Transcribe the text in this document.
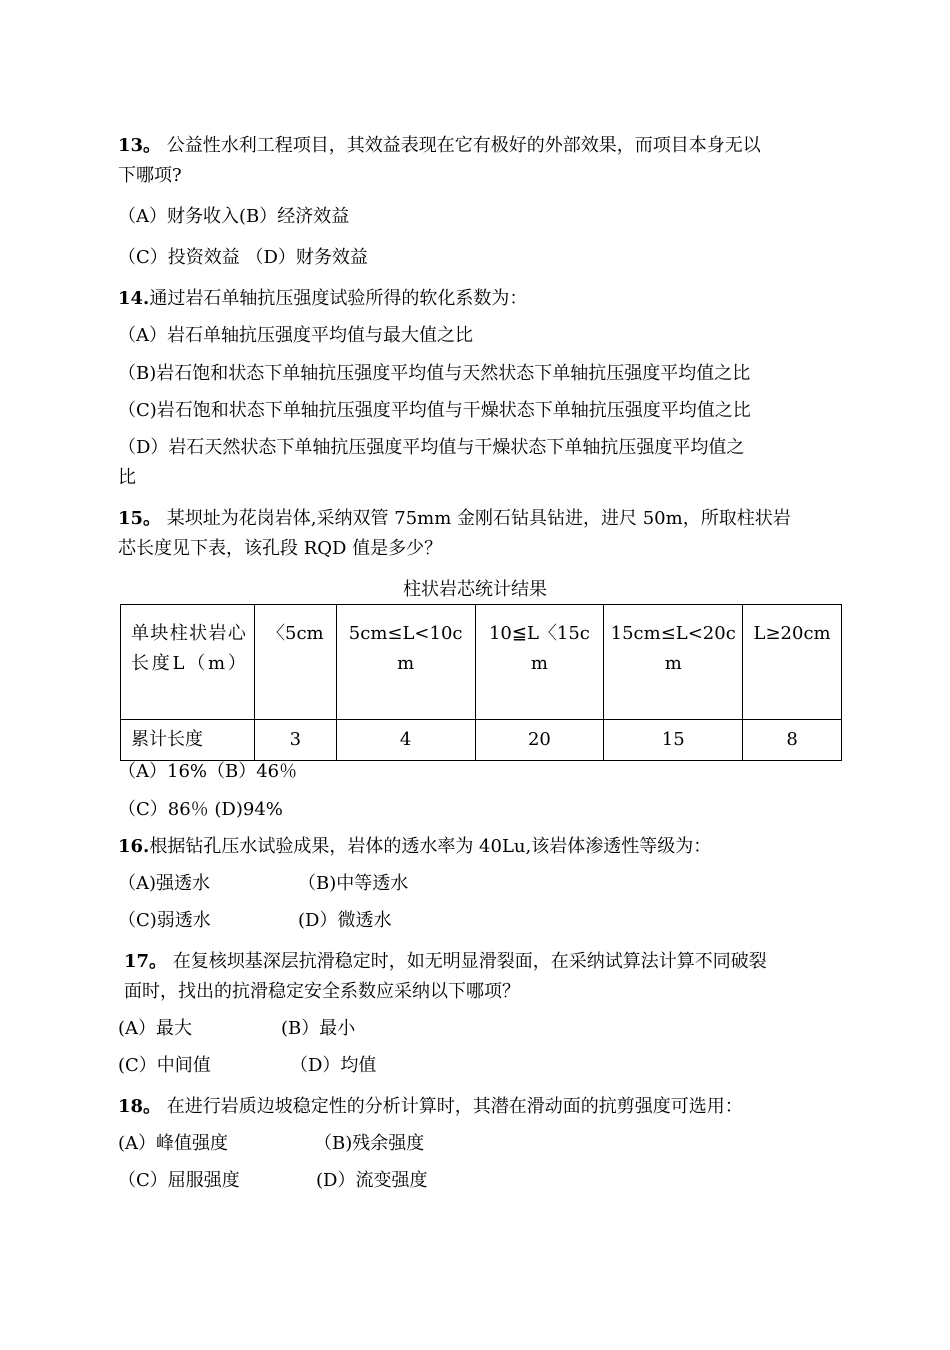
13。 公益性水利工程项目，其效益表现在它有极好的外部效果，而项目本身无以
下哪项?
（A）财务收入(B）经济效益
（C）投资效益 （D）财务效益
14.通过岩石单轴抗压强度试验所得的软化系数为：
（A）岩石单轴抗压强度平均值与最大值之比
（B)岩石饱和状态下单轴抗压强度平均值与天然状态下单轴抗压强度平均值之比
（C)岩石饱和状态下单轴抗压强度平均值与干燥状态下单轴抗压强度平均值之比
（D）岩石天然状态下单轴抗压强度平均值与干燥状态下单轴抗压强度平均值之
比
15。 某坝址为花岗岩体,采纳双管 75mm 金刚石钻具钻进，进尺 50m，所取柱状岩
芯长度见下表，该孔段 RQD 值是多少？
柱状岩芯统计结果
单块柱状岩心长度L（m）	〈5cm	5cm≤L<10cm	10≦L〈15cm	15cm≤L<20cm	L≥20cm
累计长度	3	4	20	15	8
（A）16%（B）46％
（C）86％ (D)94%
16.根据钻孔压水试验成果，岩体的透水率为 40Lu,该岩体渗透性等级为：
（A)强透水	（B)中等透水
（C)弱透水	(D）微透水
17。 在复核坝基深层抗滑稳定时，如无明显滑裂面，在采纳试算法计算不同破裂
面时，找出的抗滑稳定安全系数应采纳以下哪项？
(A）最大	(B）最小
(C）中间值	（D）均值
18。 在进行岩质边坡稳定性的分析计算时，其潜在滑动面的抗剪强度可选用：
(A）峰值强度	（B)残余强度
（C）屈服强度	(D）流变强度
